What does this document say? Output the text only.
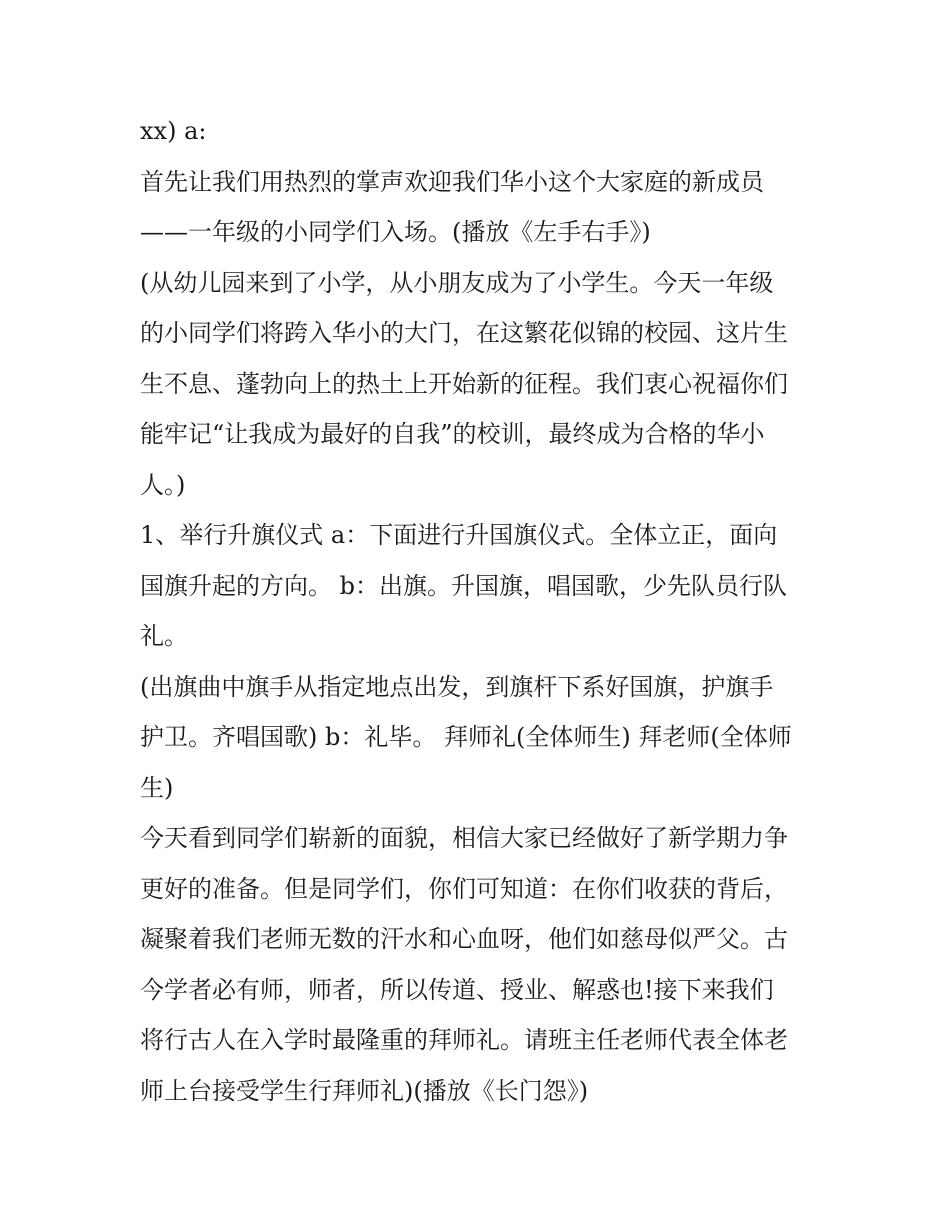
xx) a:
首先让我们用热烈的掌声欢迎我们华小这个大家庭的新成员
——一年级的小同学们入场。(播放《左手右手》)
(从幼儿园来到了小学，从小朋友成为了小学生。今天一年级
的小同学们将跨入华小的大门，在这繁花似锦的校园、这片生
生不息、蓬勃向上的热土上开始新的征程。我们衷心祝福你们
能牢记“让我成为最好的自我”的校训，最终成为合格的华小
人。)
1、举行升旗仪式 a：下面进行升国旗仪式。全体立正，面向
国旗升起的方向。 b：出旗。升国旗，唱国歌，少先队员行队
礼。
(出旗曲中旗手从指定地点出发，到旗杆下系好国旗，护旗手
护卫。齐唱国歌) b：礼毕。 拜师礼(全体师生) 拜老师(全体师
生)
今天看到同学们崭新的面貌，相信大家已经做好了新学期力争
更好的准备。但是同学们，你们可知道：在你们收获的背后，
凝聚着我们老师无数的汗水和心血呀，他们如慈母似严父。古
今学者必有师，师者，所以传道、授业、解惑也!接下来我们
将行古人在入学时最隆重的拜师礼。请班主任老师代表全体老
师上台接受学生行拜师礼)(播放《长门怨》)
